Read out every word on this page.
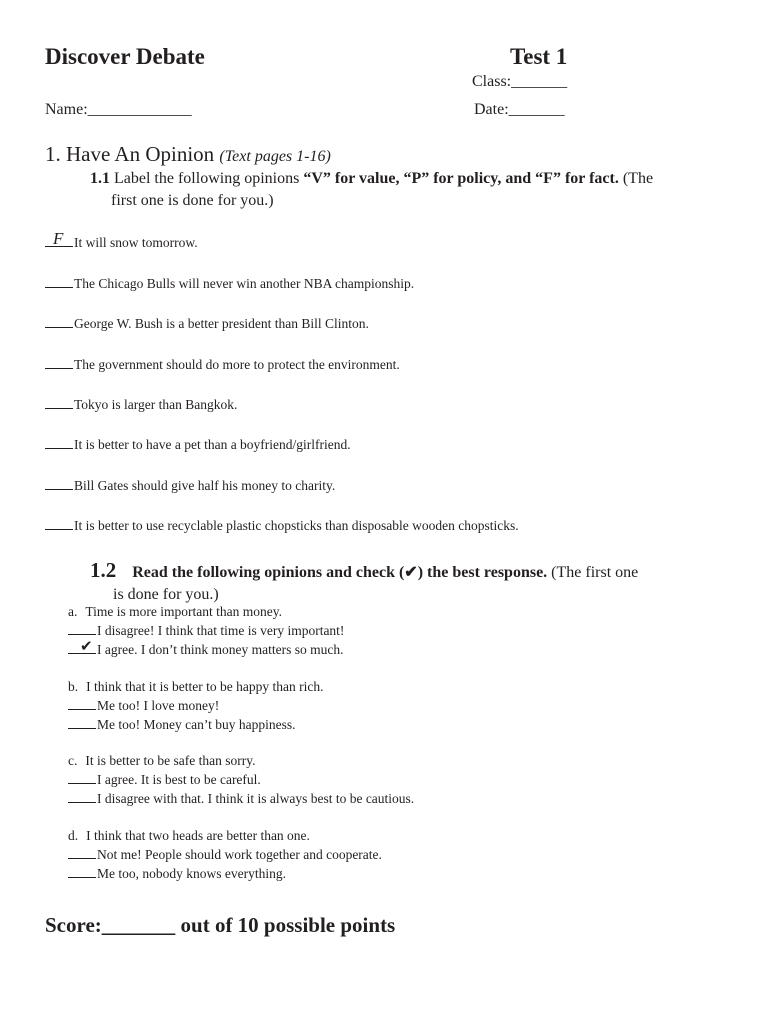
Discover Debate	Test 1
Class:_______
Name:_____________	Date:_______
1. Have An Opinion (Text pages 1-16)
1.1 Label the following opinions “V” for value, “P” for policy, and “F” for fact. (The
first one is done for you.)
F It will snow tomorrow.
The Chicago Bulls will never win another NBA championship.
George W. Bush is a better president than Bill Clinton.
The government should do more to protect the environment.
Tokyo is larger than Bangkok.
It is better to have a pet than a boyfriend/girlfriend.
Bill Gates should give half his money to charity.
It is better to use recyclable plastic chopsticks than disposable wooden chopsticks.
1.2 Read the following opinions and check (✔) the best response. (The first one
is done for you.)
a. Time is more important than money.
I disagree! I think that time is very important!
✔ I agree. I don’t think money matters so much.
b. I think that it is better to be happy than rich.
Me too! I love money!
Me too! Money can’t buy happiness.
c. It is better to be safe than sorry.
I agree. It is best to be careful.
I disagree with that. I think it is always best to be cautious.
d. I think that two heads are better than one.
Not me! People should work together and cooperate.
Me too, nobody knows everything.
Score:_______ out of 10 possible points
